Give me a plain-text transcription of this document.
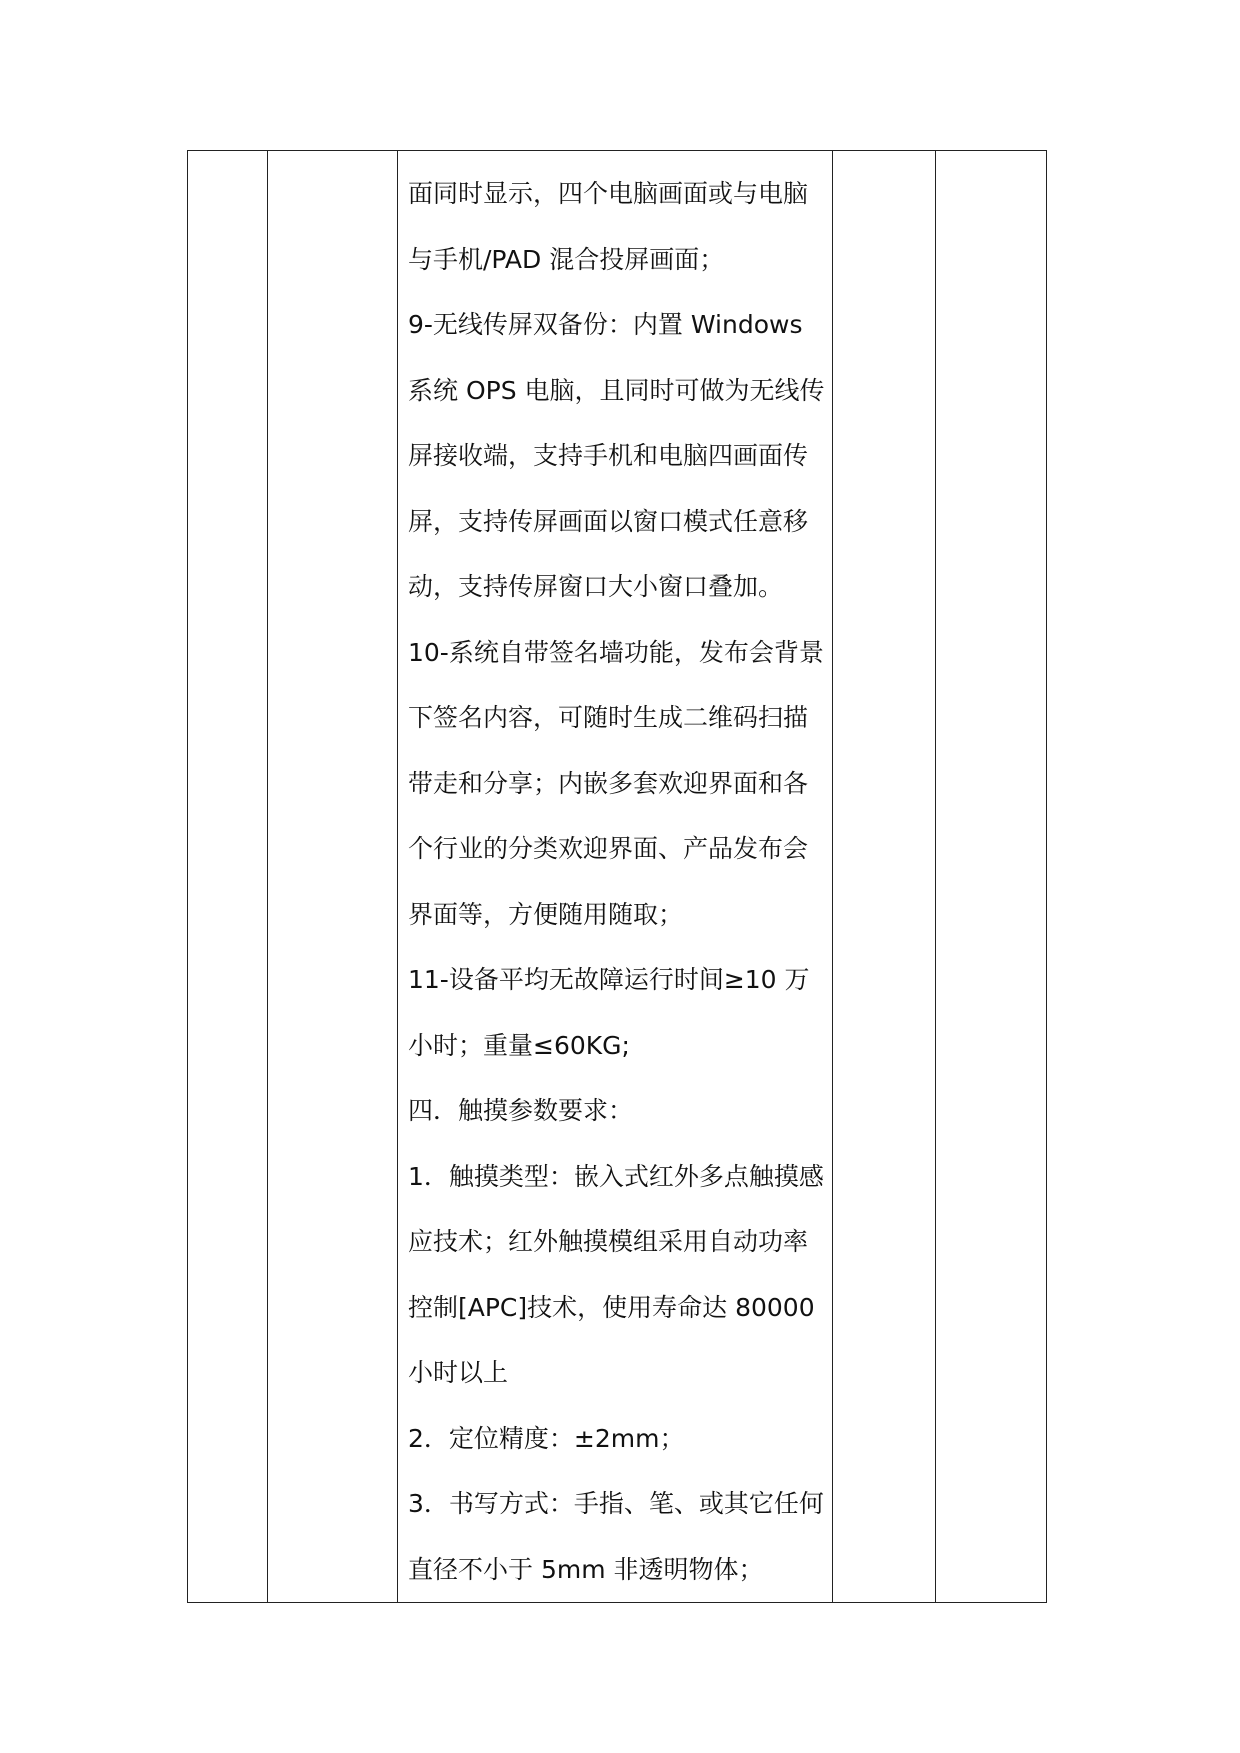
面同时显示，四个电脑画面或与电脑
与手机/PAD 混合投屏画面；
9-无线传屏双备份：内置 Windows
系统 OPS 电脑，且同时可做为无线传
屏接收端，支持手机和电脑四画面传
屏，支持传屏画面以窗口模式任意移
动，支持传屏窗口大小窗口叠加。
10-系统自带签名墙功能，发布会背景
下签名内容，可随时生成二维码扫描
带走和分享；内嵌多套欢迎界面和各
个行业的分类欢迎界面、产品发布会
界面等，方便随用随取；
11-设备平均无故障运行时间≥10 万
小时；重量≤60KG;
四．触摸参数要求：
1．触摸类型：嵌入式红外多点触摸感
应技术；红外触摸模组采用自动功率
控制[APC]技术，使用寿命达 80000
小时以上
2．定位精度：±2mm；
3．书写方式：手指、笔、或其它任何
直径不小于 5mm 非透明物体；
